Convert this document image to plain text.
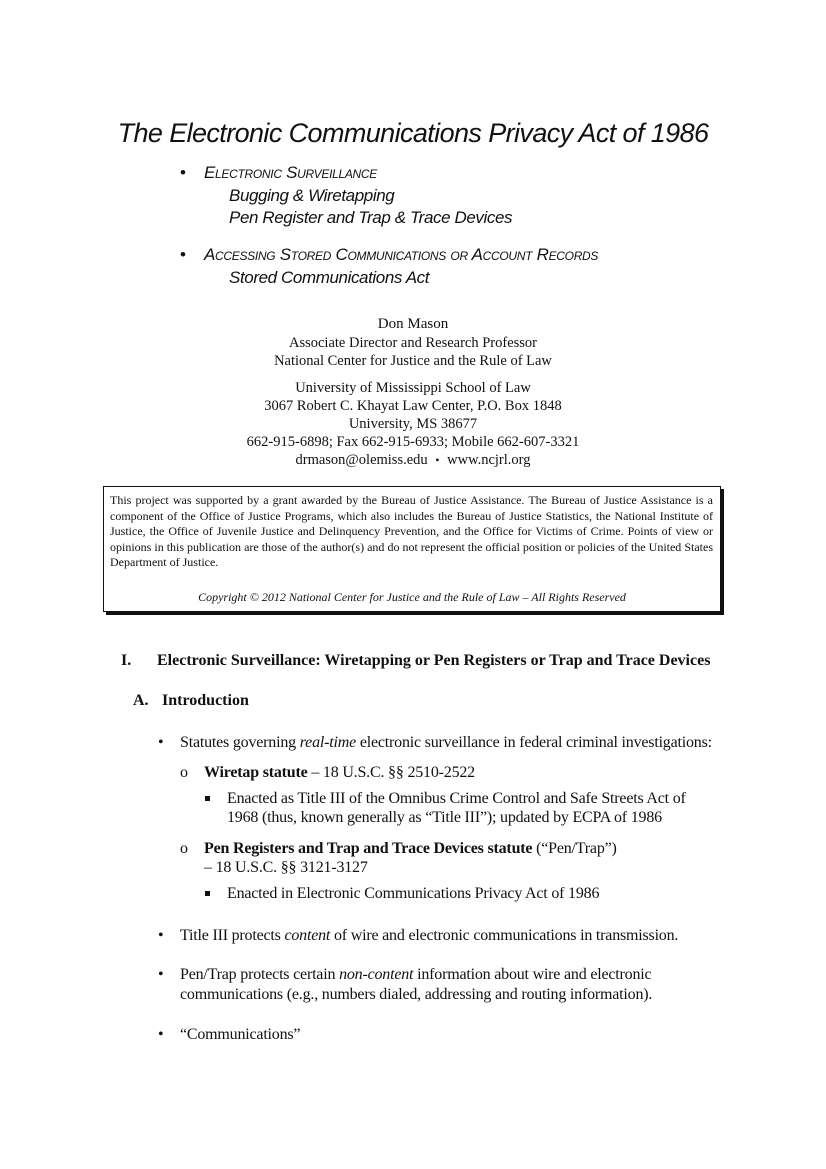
The Electronic Communications Privacy Act of 1986
• Electronic Surveillance
Bugging & Wiretapping
Pen Register and Trap & Trace Devices
• Accessing Stored Communications or Account Records
Stored Communications Act
Don Mason
Associate Director and Research Professor
National Center for Justice and the Rule of Law
University of Mississippi School of Law
3067 Robert C. Khayat Law Center, P.O. Box 1848
University, MS 38677
662-915-6898; Fax 662-915-6933; Mobile 662-607-3321
drmason@olemiss.edu • www.ncjrl.org
This project was supported by a grant awarded by the Bureau of Justice Assistance. The Bureau of Justice Assistance is a component of the Office of Justice Programs, which also includes the Bureau of Justice Statistics, the National Institute of Justice, the Office of Juvenile Justice and Delinquency Prevention, and the Office for Victims of Crime. Points of view or opinions in this publication are those of the author(s) and do not represent the official position or policies of the United States Department of Justice.
Copyright © 2012 National Center for Justice and the Rule of Law – All Rights Reserved
I. Electronic Surveillance: Wiretapping or Pen Registers or Trap and Trace Devices
A. Introduction
• Statutes governing real-time electronic surveillance in federal criminal investigations:
o Wiretap statute – 18 U.S.C. §§ 2510-2522
Enacted as Title III of the Omnibus Crime Control and Safe Streets Act of
1968 (thus, known generally as “Title III”); updated by ECPA of 1986
o Pen Registers and Trap and Trace Devices statute (“Pen/Trap”)
– 18 U.S.C. §§ 3121-3127
Enacted in Electronic Communications Privacy Act of 1986
• Title III protects content of wire and electronic communications in transmission.
• Pen/Trap protects certain non-content information about wire and electronic
communications (e.g., numbers dialed, addressing and routing information).
• “Communications”
